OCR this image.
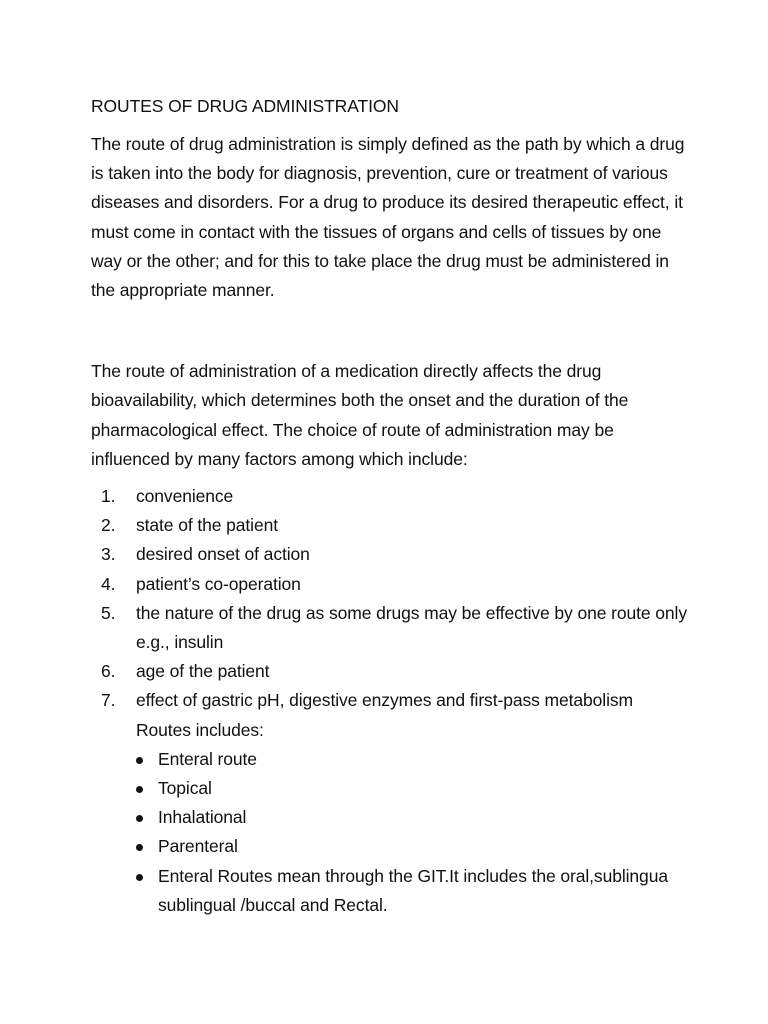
ROUTES OF DRUG ADMINISTRATION

The route of drug administration is simply defined as the path by which a drug is taken into the body for diagnosis, prevention, cure or treatment of various diseases and disorders. For a drug to produce its desired therapeutic effect, it must come in contact with the tissues of organs and cells of tissues by one way or the other; and for this to take place the drug must be administered in the appropriate manner.

The route of administration of a medication directly affects the drug bioavailability, which determines both the onset and the duration of the pharmacological effect. The choice of route of administration may be influenced by many factors among which include:

1. convenience
2. state of the patient
3. desired onset of action
4. patient’s co-operation
5. the nature of the drug as some drugs may be effective by one route only e.g., insulin
6. age of the patient
7. effect of gastric pH, digestive enzymes and first-pass metabolism
Routes includes:
Enteral route
Topical
Inhalational
Parenteral
Enteral Routes mean through the GIT.It includes the oral,sublingua sublingual /buccal and Rectal.
